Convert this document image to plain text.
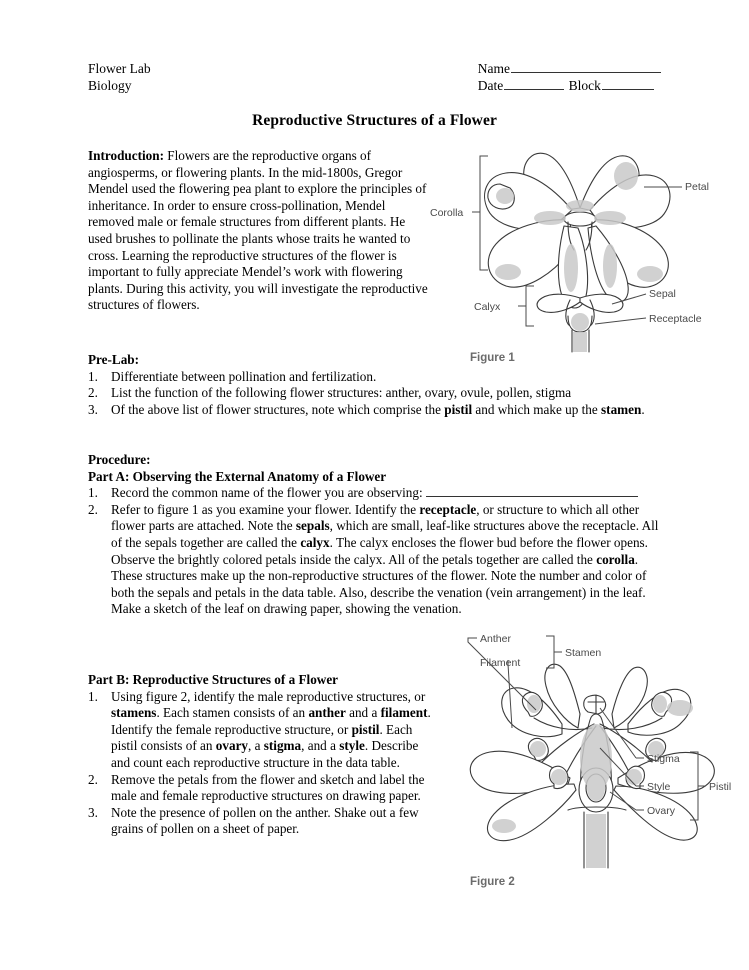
Flower Lab
Biology
Name
Date	Block
Reproductive Structures of a Flower
Introduction: Flowers are the reproductive organs of angiosperms, or flowering plants. In the mid-1800s, Gregor Mendel used the flowering pea plant to explore the principles of inheritance. In order to ensure cross-pollination, Mendel removed male or female structures from different plants. He used brushes to pollinate the plants whose traits he wanted to cross. Learning the reproductive structures of the flower is important to fully appreciate Mendel’s work with flowering plants. During this activity, you will investigate the reproductive structures of flowers.
Pre-Lab:
1. Differentiate between pollination and fertilization.
2. List the function of the following flower structures: anther, ovary, ovule, pollen, stigma
3. Of the above list of flower structures, note which comprise the pistil and which make up the stamen.
Procedure:
Part A: Observing the External Anatomy of a Flower
1. Record the common name of the flower you are observing:
2. Refer to figure 1 as you examine your flower. Identify the receptacle, or structure to which all other flower parts are attached. Note the sepals, which are small, leaf-like structures above the receptacle. All of the sepals together are called the calyx. The calyx encloses the flower bud before the flower opens. Observe the brightly colored petals inside the calyx. All of the petals together are called the corolla. These structures make up the non-reproductive structures of the flower. Note the number and color of both the sepals and petals in the data table. Also, describe the venation (vein arrangement) in the leaf. Make a sketch of the leaf on drawing paper, showing the venation.
Part B: Reproductive Structures of a Flower
1. Using figure 2, identify the male reproductive structures, or stamens. Each stamen consists of an anther and a filament. Identify the female reproductive structure, or pistil. Each pistil consists of an ovary, a stigma, and a style. Describe and count each reproductive structure in the data table.
2. Remove the petals from the flower and sketch and label the male and female reproductive structures on drawing paper.
3. Note the presence of pollen on the anther. Shake out a few grains of pollen on a sheet of paper.
Corolla
Petal
Calyx
Sepal
Receptacle
Figure 1
Anther
Filament
Stamen
Stigma
Style
Ovary
Pistil
Figure 2
